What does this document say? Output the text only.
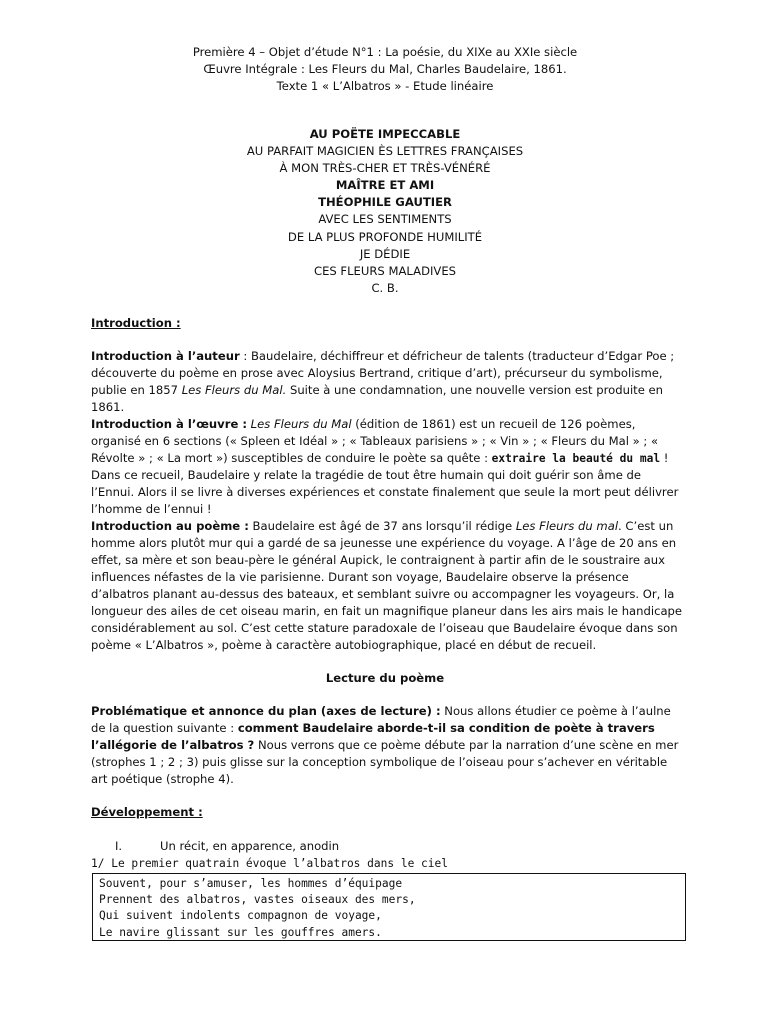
Première 4 – Objet d’étude N°1 : La poésie, du XIXe au XXIe siècle
Œuvre Intégrale : Les Fleurs du Mal, Charles Baudelaire, 1861.
Texte 1 « L’Albatros » - Etude linéaire
AU POËTE IMPECCABLE
AU PARFAIT MAGICIEN ÈS LETTRES FRANÇAISES
À MON TRÈS-CHER ET TRÈS-VÉNÉRÉ
MAÎTRE ET AMI
THÉOPHILE GAUTIER
AVEC LES SENTIMENTS
DE LA PLUS PROFONDE HUMILITÉ
JE DÉDIE
CES FLEURS MALADIVES
C. B.
Introduction :
Introduction à l’auteur : Baudelaire, déchiffreur et défricheur de talents (traducteur d’Edgar Poe ; découverte du poème en prose avec Aloysius Bertrand, critique d’art), précurseur du symbolisme, publie en 1857 Les Fleurs du Mal. Suite à une condamnation, une nouvelle version est produite en 1861.
Introduction à l’œuvre : Les Fleurs du Mal (édition de 1861) est un recueil de 126 poèmes, organisé en 6 sections (« Spleen et Idéal » ; « Tableaux parisiens » ; « Vin » ; « Fleurs du Mal » ; « Révolte » ; « La mort ») susceptibles de conduire le poète sa quête : extraire la beauté du mal ! Dans ce recueil, Baudelaire y relate la tragédie de tout être humain qui doit guérir son âme de l’Ennui. Alors il se livre à diverses expériences et constate finalement que seule la mort peut délivrer l’homme de l’ennui !
Introduction au poème : Baudelaire est âgé de 37 ans lorsqu’il rédige Les Fleurs du mal. C’est un homme alors plutôt mur qui a gardé de sa jeunesse une expérience du voyage. A l’âge de 20 ans en effet, sa mère et son beau-père le général Aupick, le contraignent à partir afin de le soustraire aux influences néfastes de la vie parisienne. Durant son voyage, Baudelaire observe la présence d’albatros planant au-dessus des bateaux, et semblant suivre ou accompagner les voyageurs. Or, la longueur des ailes de cet oiseau marin, en fait un magnifique planeur dans les airs mais le handicape considérablement au sol. C’est cette stature paradoxale de l’oiseau que Baudelaire évoque dans son poème « L’Albatros », poème à caractère autobiographique, placé en début de recueil.
Lecture du poème
Problématique et annonce du plan (axes de lecture) : Nous allons étudier ce poème à l’aulne de la question suivante : comment Baudelaire aborde-t-il sa condition de poète à travers l’allégorie de l’albatros ? Nous verrons que ce poème débute par la narration d’une scène en mer (strophes 1 ; 2 ; 3) puis glisse sur la conception symbolique de l’oiseau pour s’achever en véritable art poétique (strophe 4).
Développement :
I.	Un récit, en apparence, anodin
1/ Le premier quatrain évoque l’albatros dans le ciel
Souvent, pour s’amuser, les hommes d’équipage
Prennent des albatros, vastes oiseaux des mers,
Qui suivent indolents compagnon de voyage,
Le navire glissant sur les gouffres amers.
